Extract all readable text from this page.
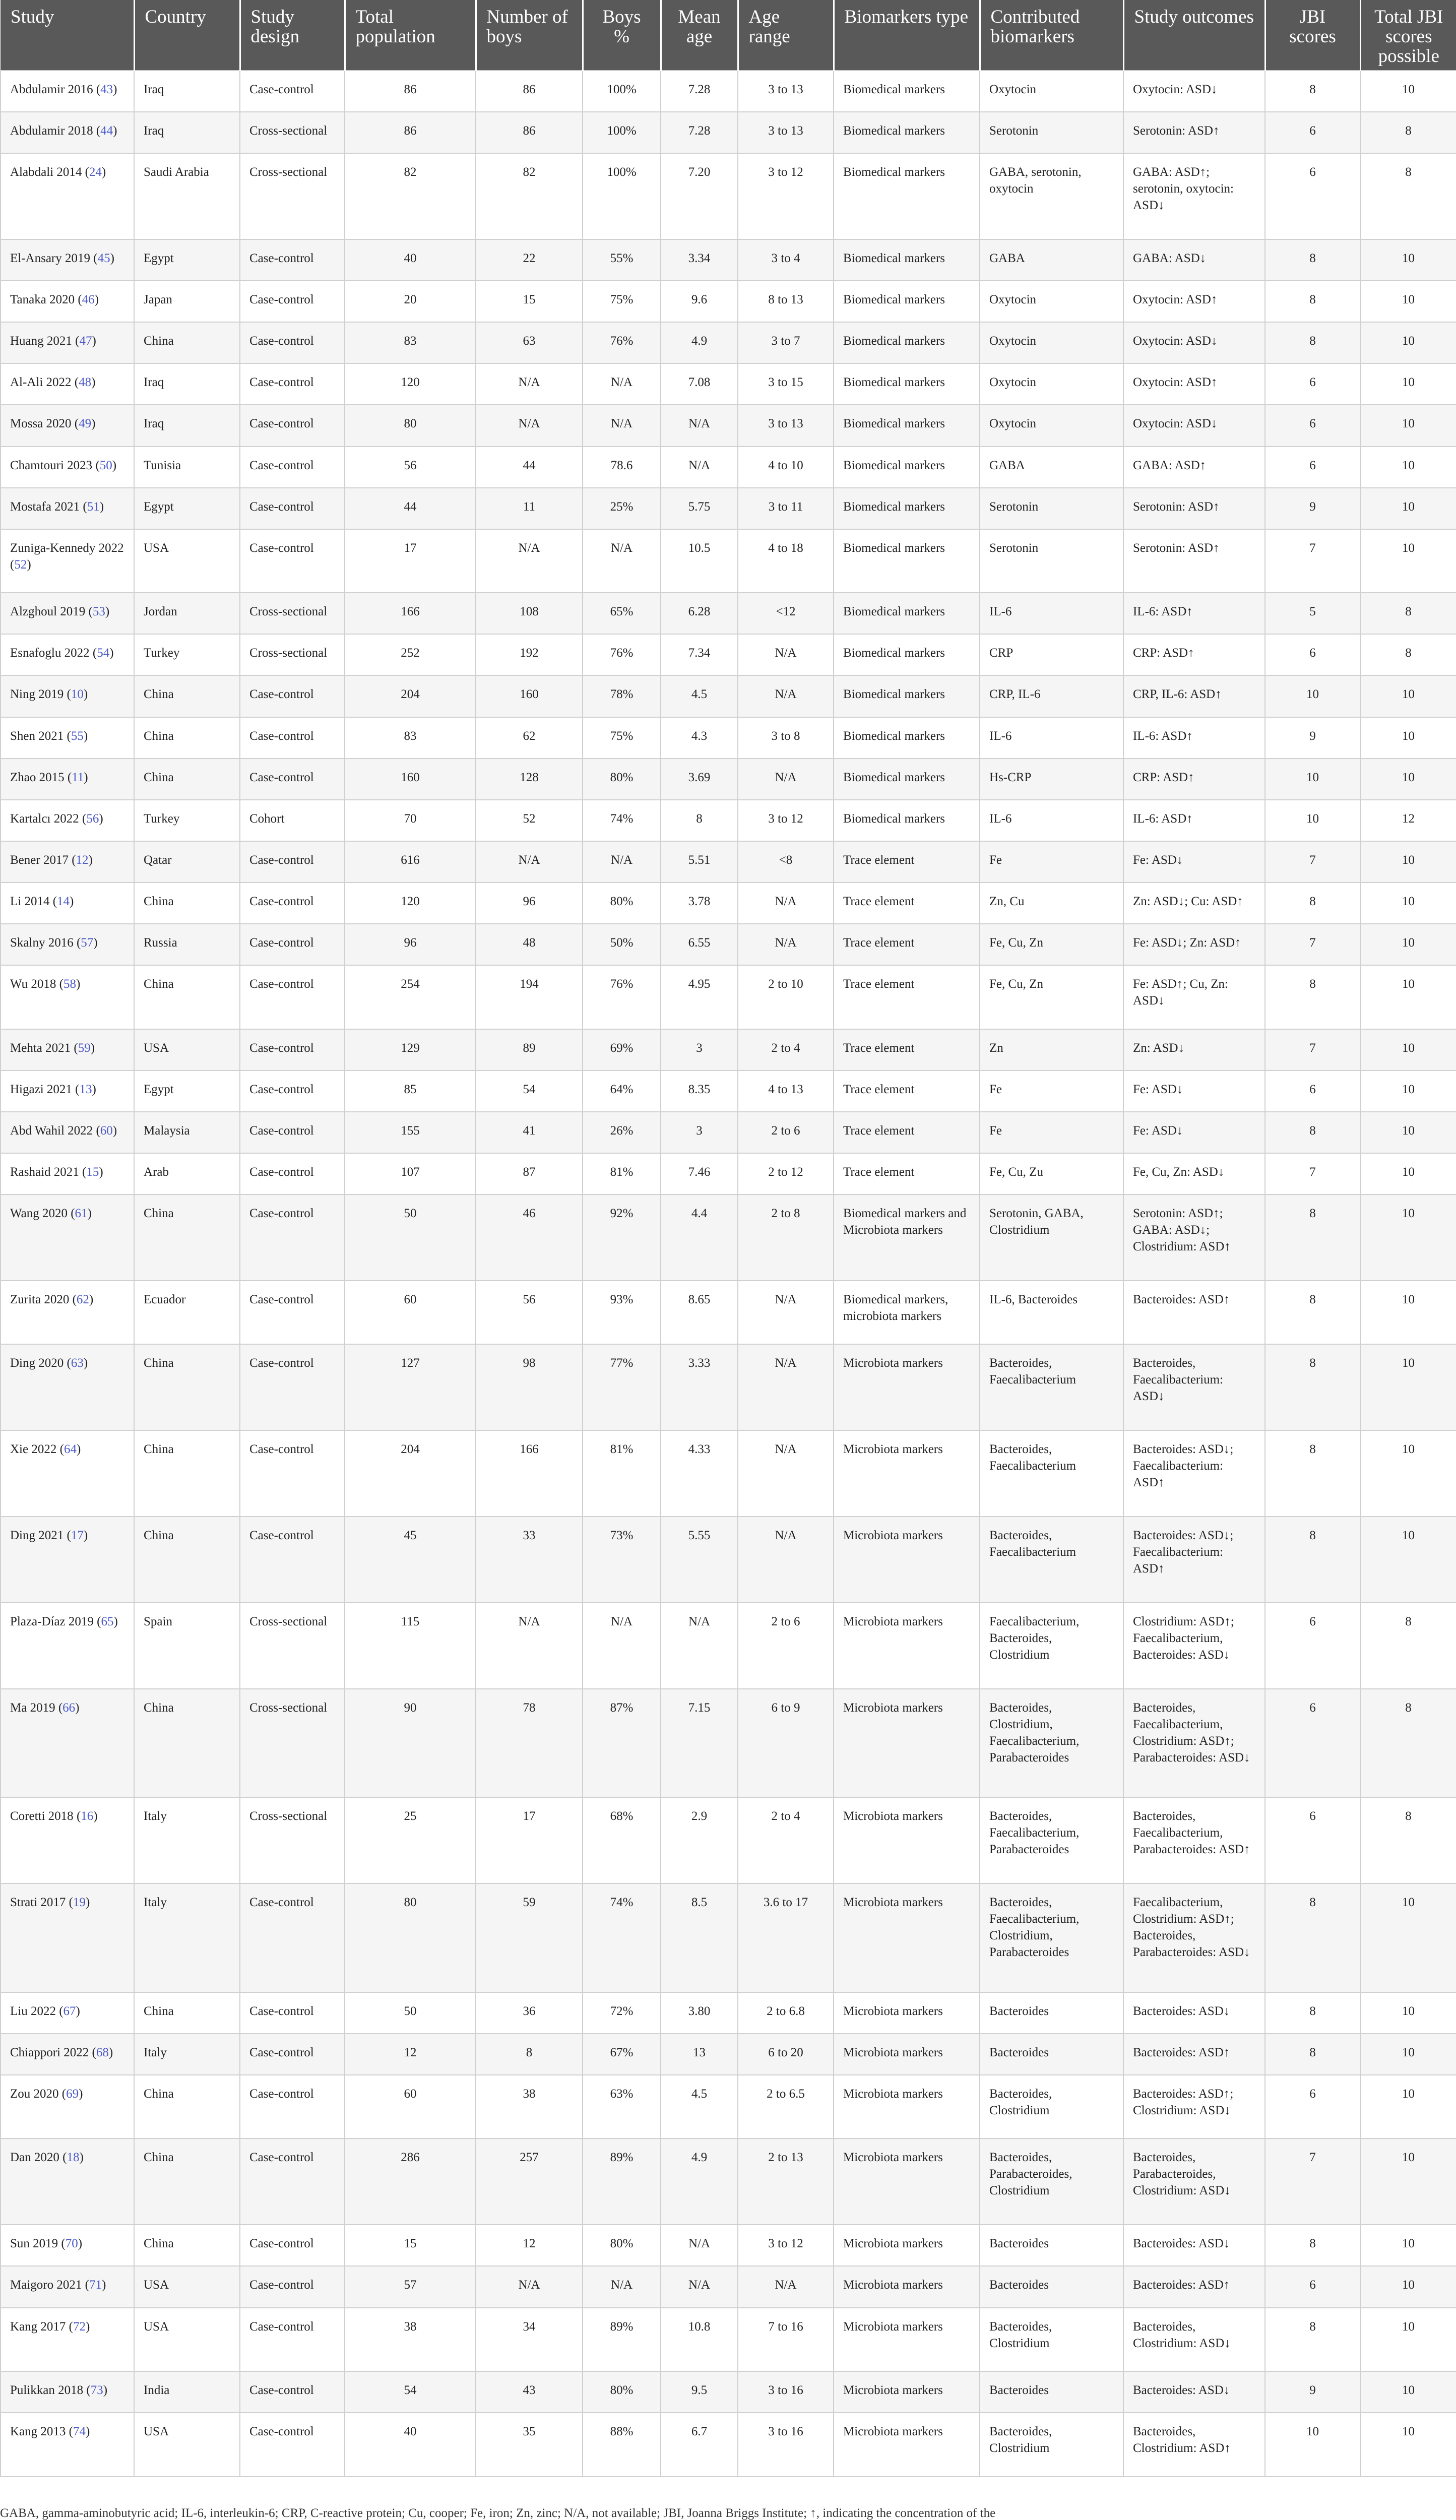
Study	Country	Study design	Total population	Number of boys	Boys %	Mean age	Age range	Biomarkers type	Contributed biomarkers	Study outcomes	JBI scores	Total JBI scores possible
Abdulamir 2016 (43)	Iraq	Case-control	86	86	100%	7.28	3 to 13	Biomedical markers	Oxytocin	Oxytocin: ASD↓	8	10
Abdulamir 2018 (44)	Iraq	Cross-sectional	86	86	100%	7.28	3 to 13	Biomedical markers	Serotonin	Serotonin: ASD↑	6	8
Alabdali 2014 (24)	Saudi Arabia	Cross-sectional	82	82	100%	7.20	3 to 12	Biomedical markers	GABA, serotonin, oxytocin	GABA: ASD↑; serotonin, oxytocin: ASD↓	6	8
El-Ansary 2019 (45)	Egypt	Case-control	40	22	55%	3.34	3 to 4	Biomedical markers	GABA	GABA: ASD↓	8	10
Tanaka 2020 (46)	Japan	Case-control	20	15	75%	9.6	8 to 13	Biomedical markers	Oxytocin	Oxytocin: ASD↑	8	10
Huang 2021 (47)	China	Case-control	83	63	76%	4.9	3 to 7	Biomedical markers	Oxytocin	Oxytocin: ASD↓	8	10
Al-Ali 2022 (48)	Iraq	Case-control	120	N/A	N/A	7.08	3 to 15	Biomedical markers	Oxytocin	Oxytocin: ASD↑	6	10
Mossa 2020 (49)	Iraq	Case-control	80	N/A	N/A	N/A	3 to 13	Biomedical markers	Oxytocin	Oxytocin: ASD↓	6	10
Chamtouri 2023 (50)	Tunisia	Case-control	56	44	78.6	N/A	4 to 10	Biomedical markers	GABA	GABA: ASD↑	6	10
Mostafa 2021 (51)	Egypt	Case-control	44	11	25%	5.75	3 to 11	Biomedical markers	Serotonin	Serotonin: ASD↑	9	10
Zuniga-Kennedy 2022 (52)	USA	Case-control	17	N/A	N/A	10.5	4 to 18	Biomedical markers	Serotonin	Serotonin: ASD↑	7	10
Alzghoul 2019 (53)	Jordan	Cross-sectional	166	108	65%	6.28	<12	Biomedical markers	IL-6	IL-6: ASD↑	5	8
Esnafoglu 2022 (54)	Turkey	Cross-sectional	252	192	76%	7.34	N/A	Biomedical markers	CRP	CRP: ASD↑	6	8
Ning 2019 (10)	China	Case-control	204	160	78%	4.5	N/A	Biomedical markers	CRP, IL-6	CRP, IL-6: ASD↑	10	10
Shen 2021 (55)	China	Case-control	83	62	75%	4.3	3 to 8	Biomedical markers	IL-6	IL-6: ASD↑	9	10
Zhao 2015 (11)	China	Case-control	160	128	80%	3.69	N/A	Biomedical markers	Hs-CRP	CRP: ASD↑	10	10
Kartalcı 2022 (56)	Turkey	Cohort	70	52	74%	8	3 to 12	Biomedical markers	IL-6	IL-6: ASD↑	10	12
Bener 2017 (12)	Qatar	Case-control	616	N/A	N/A	5.51	<8	Trace element	Fe	Fe: ASD↓	7	10
Li 2014 (14)	China	Case-control	120	96	80%	3.78	N/A	Trace element	Zn, Cu	Zn: ASD↓; Cu: ASD↑	8	10
Skalny 2016 (57)	Russia	Case-control	96	48	50%	6.55	N/A	Trace element	Fe, Cu, Zn	Fe: ASD↓; Zn: ASD↑	7	10
Wu 2018 (58)	China	Case-control	254	194	76%	4.95	2 to 10	Trace element	Fe, Cu, Zn	Fe: ASD↑; Cu, Zn: ASD↓	8	10
Mehta 2021 (59)	USA	Case-control	129	89	69%	3	2 to 4	Trace element	Zn	Zn: ASD↓	7	10
Higazi 2021 (13)	Egypt	Case-control	85	54	64%	8.35	4 to 13	Trace element	Fe	Fe: ASD↓	6	10
Abd Wahil 2022 (60)	Malaysia	Case-control	155	41	26%	3	2 to 6	Trace element	Fe	Fe: ASD↓	8	10
Rashaid 2021 (15)	Arab	Case-control	107	87	81%	7.46	2 to 12	Trace element	Fe, Cu, Zu	Fe, Cu, Zn: ASD↓	7	10
Wang 2020 (61)	China	Case-control	50	46	92%	4.4	2 to 8	Biomedical markers and Microbiota markers	Serotonin, GABA, Clostridium	Serotonin: ASD↑; GABA: ASD↓; Clostridium: ASD↑	8	10
Zurita 2020 (62)	Ecuador	Case-control	60	56	93%	8.65	N/A	Biomedical markers, microbiota markers	IL-6, Bacteroides	Bacteroides: ASD↑	8	10
Ding 2020 (63)	China	Case-control	127	98	77%	3.33	N/A	Microbiota markers	Bacteroides, Faecalibacterium	Bacteroides, Faecalibacterium: ASD↓	8	10
Xie 2022 (64)	China	Case-control	204	166	81%	4.33	N/A	Microbiota markers	Bacteroides, Faecalibacterium	Bacteroides: ASD↓; Faecalibacterium: ASD↑	8	10
Ding 2021 (17)	China	Case-control	45	33	73%	5.55	N/A	Microbiota markers	Bacteroides, Faecalibacterium	Bacteroides: ASD↓; Faecalibacterium: ASD↑	8	10
Plaza-Díaz 2019 (65)	Spain	Cross-sectional	115	N/A	N/A	N/A	2 to 6	Microbiota markers	Faecalibacterium, Bacteroides, Clostridium	Clostridium: ASD↑; Faecalibacterium, Bacteroides: ASD↓	6	8
Ma 2019 (66)	China	Cross-sectional	90	78	87%	7.15	6 to 9	Microbiota markers	Bacteroides, Clostridium, Faecalibacterium, Parabacteroides	Bacteroides, Faecalibacterium, Clostridium: ASD↑; Parabacteroides: ASD↓	6	8
Coretti 2018 (16)	Italy	Cross-sectional	25	17	68%	2.9	2 to 4	Microbiota markers	Bacteroides, Faecalibacterium, Parabacteroides	Bacteroides, Faecalibacterium, Parabacteroides: ASD↑	6	8
Strati 2017 (19)	Italy	Case-control	80	59	74%	8.5	3.6 to 17	Microbiota markers	Bacteroides, Faecalibacterium, Clostridium, Parabacteroides	Faecalibacterium, Clostridium: ASD↑; Bacteroides, Parabacteroides: ASD↓	8	10
Liu 2022 (67)	China	Case-control	50	36	72%	3.80	2 to 6.8	Microbiota markers	Bacteroides	Bacteroides: ASD↓	8	10
Chiappori 2022 (68)	Italy	Case-control	12	8	67%	13	6 to 20	Microbiota markers	Bacteroides	Bacteroides: ASD↑	8	10
Zou 2020 (69)	China	Case-control	60	38	63%	4.5	2 to 6.5	Microbiota markers	Bacteroides, Clostridium	Bacteroides: ASD↑; Clostridium: ASD↓	6	10
Dan 2020 (18)	China	Case-control	286	257	89%	4.9	2 to 13	Microbiota markers	Bacteroides, Parabacteroides, Clostridium	Bacteroides, Parabacteroides, Clostridium: ASD↓	7	10
Sun 2019 (70)	China	Case-control	15	12	80%	N/A	3 to 12	Microbiota markers	Bacteroides	Bacteroides: ASD↓	8	10
Maigoro 2021 (71)	USA	Case-control	57	N/A	N/A	N/A	N/A	Microbiota markers	Bacteroides	Bacteroides: ASD↑	6	10
Kang 2017 (72)	USA	Case-control	38	34	89%	10.8	7 to 16	Microbiota markers	Bacteroides, Clostridium	Bacteroides, Clostridium: ASD↓	8	10
Pulikkan 2018 (73)	India	Case-control	54	43	80%	9.5	3 to 16	Microbiota markers	Bacteroides	Bacteroides: ASD↓	9	10
Kang 2013 (74)	USA	Case-control	40	35	88%	6.7	3 to 16	Microbiota markers	Bacteroides, Clostridium	Bacteroides, Clostridium: ASD↑	10	10
GABA, gamma-aminobutyric acid; IL-6, interleukin-6; CRP, C-reactive protein; Cu, cooper; Fe, iron; Zn, zinc; N/A, not available; JBI, Joanna Briggs Institute; ↑, indicating the concentration of the
